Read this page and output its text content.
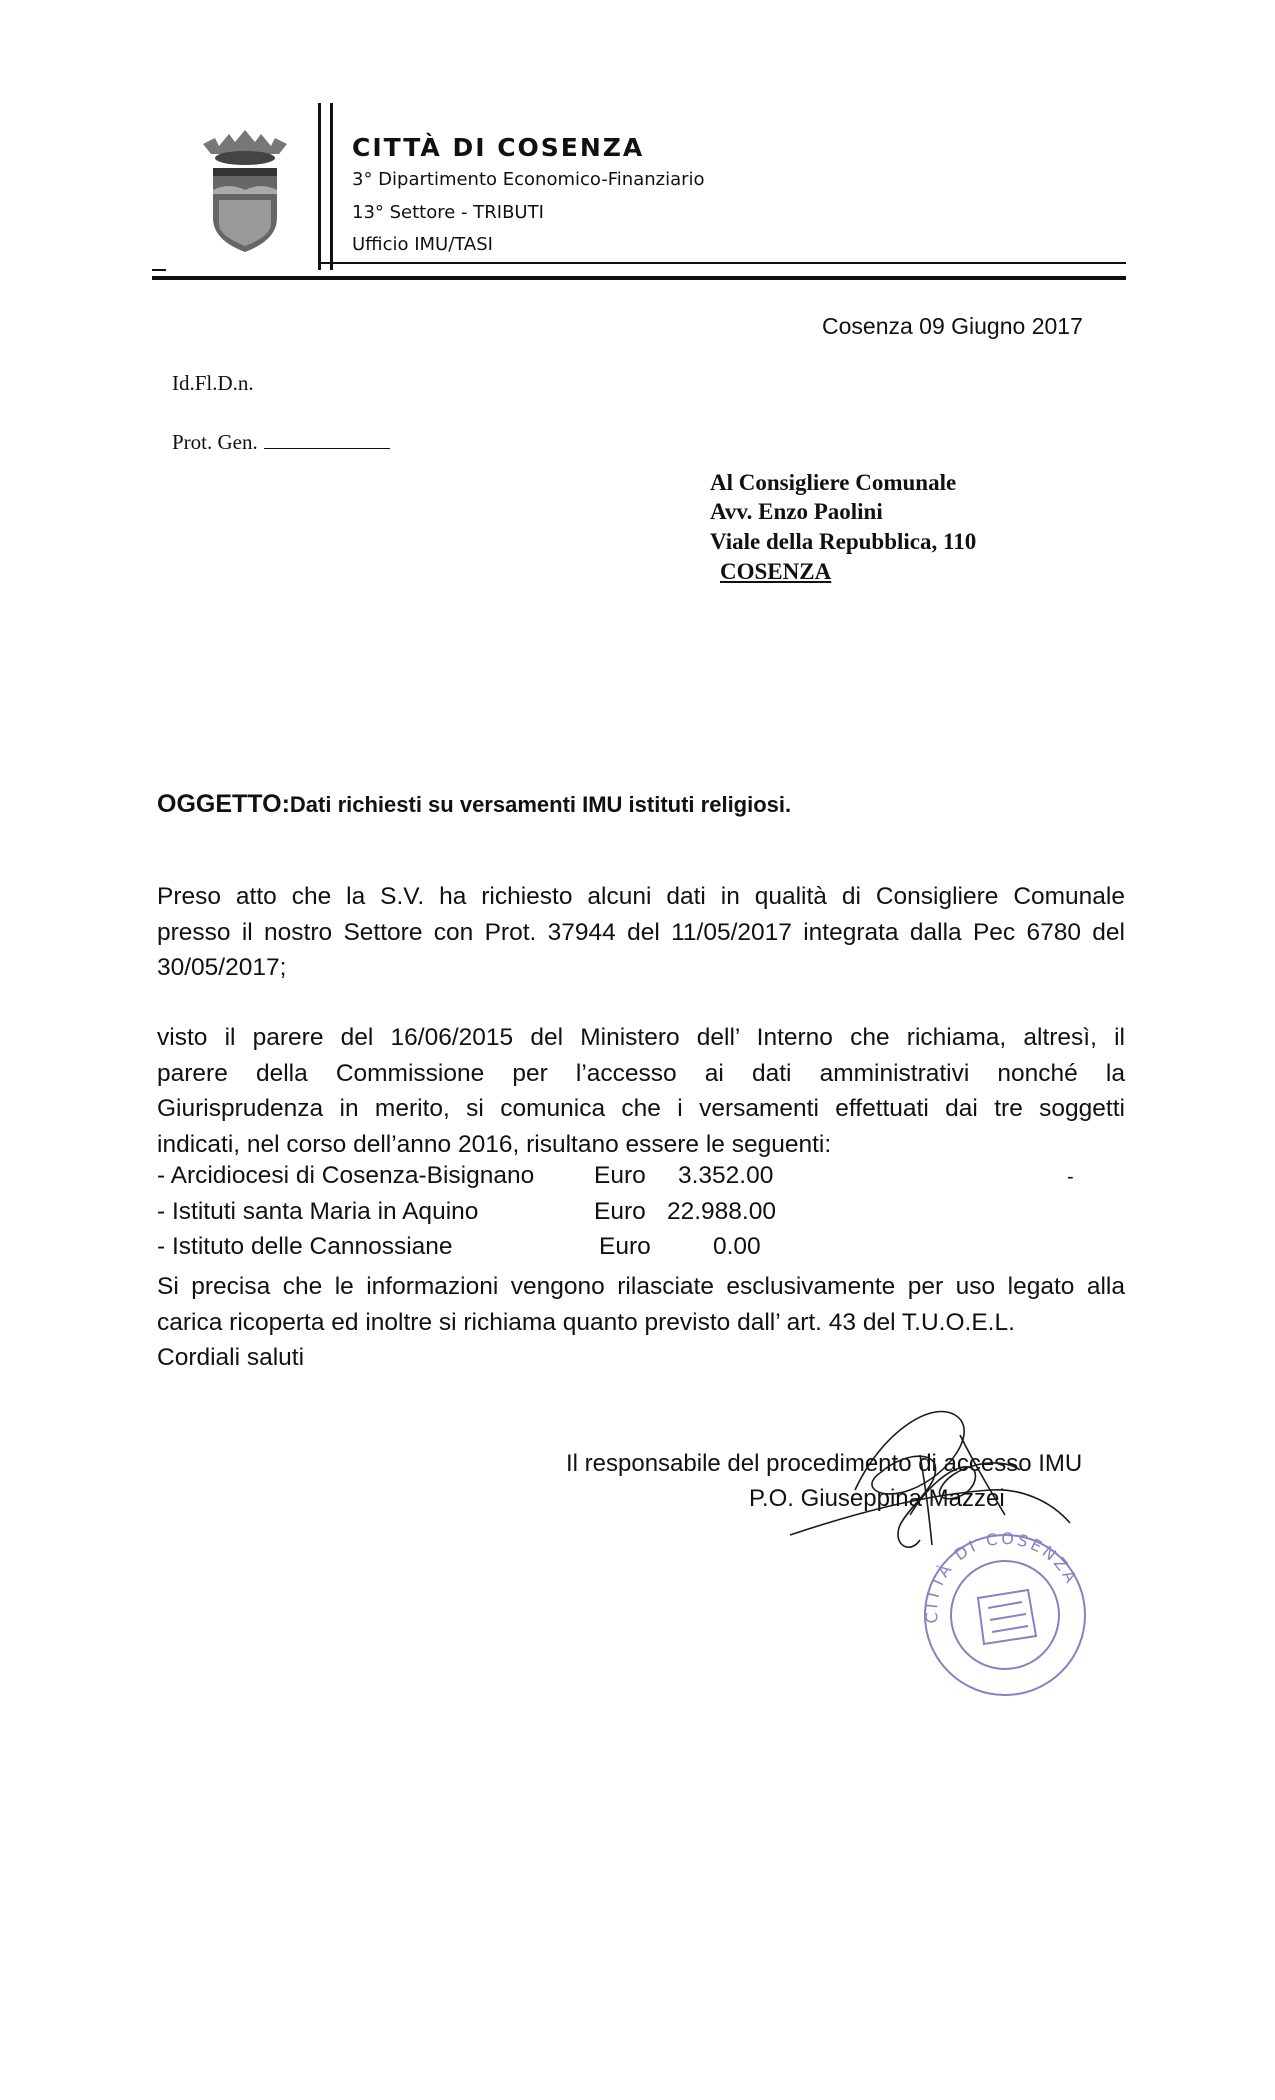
CITTÀ DI COSENZA
3° Dipartimento Economico-Finanziario
13° Settore - TRIBUTI
Ufficio IMU/TASI
Cosenza 09 Giugno 2017
Id.Fl.D.n.
Prot. Gen.
Al Consigliere Comunale
Avv. Enzo Paolini
Viale della Repubblica, 110
COSENZA
OGGETTO:Dati richiesti su versamenti IMU istituti religiosi.

Preso atto che la S.V. ha richiesto alcuni dati in qualità di Consigliere Comunale

presso il nostro Settore con Prot. 37944 del 11/05/2017 integrata dalla Pec 6780 del

30/05/2017;

visto il parere del 16/06/2015 del Ministero dell’ Interno che richiama, altresì, il

parere della Commissione per l’accesso ai dati amministrativi nonché la

Giurisprudenza in merito, si comunica che i versamenti effettuati dai tre soggetti

indicati, nel corso dell’anno 2016, risultano essere le seguenti:

- Arcidiocesi di Cosenza-Bisignano Euro 3.352.00	-
- Istituti santa Maria in Aquino	Euro 22.988.00
- Istituto delle Cannossiane	Euro	0.00

Si precisa che le informazioni vengono rilasciate esclusivamente per uso legato alla

carica ricoperta ed inoltre si richiama quanto previsto dall’ art. 43 del T.U.O.E.L.

Cordiali saluti

Il responsabile del procedimento di accesso IMU
P.O. Giuseppina Mazzei
CITTÀ DI COSENZA
